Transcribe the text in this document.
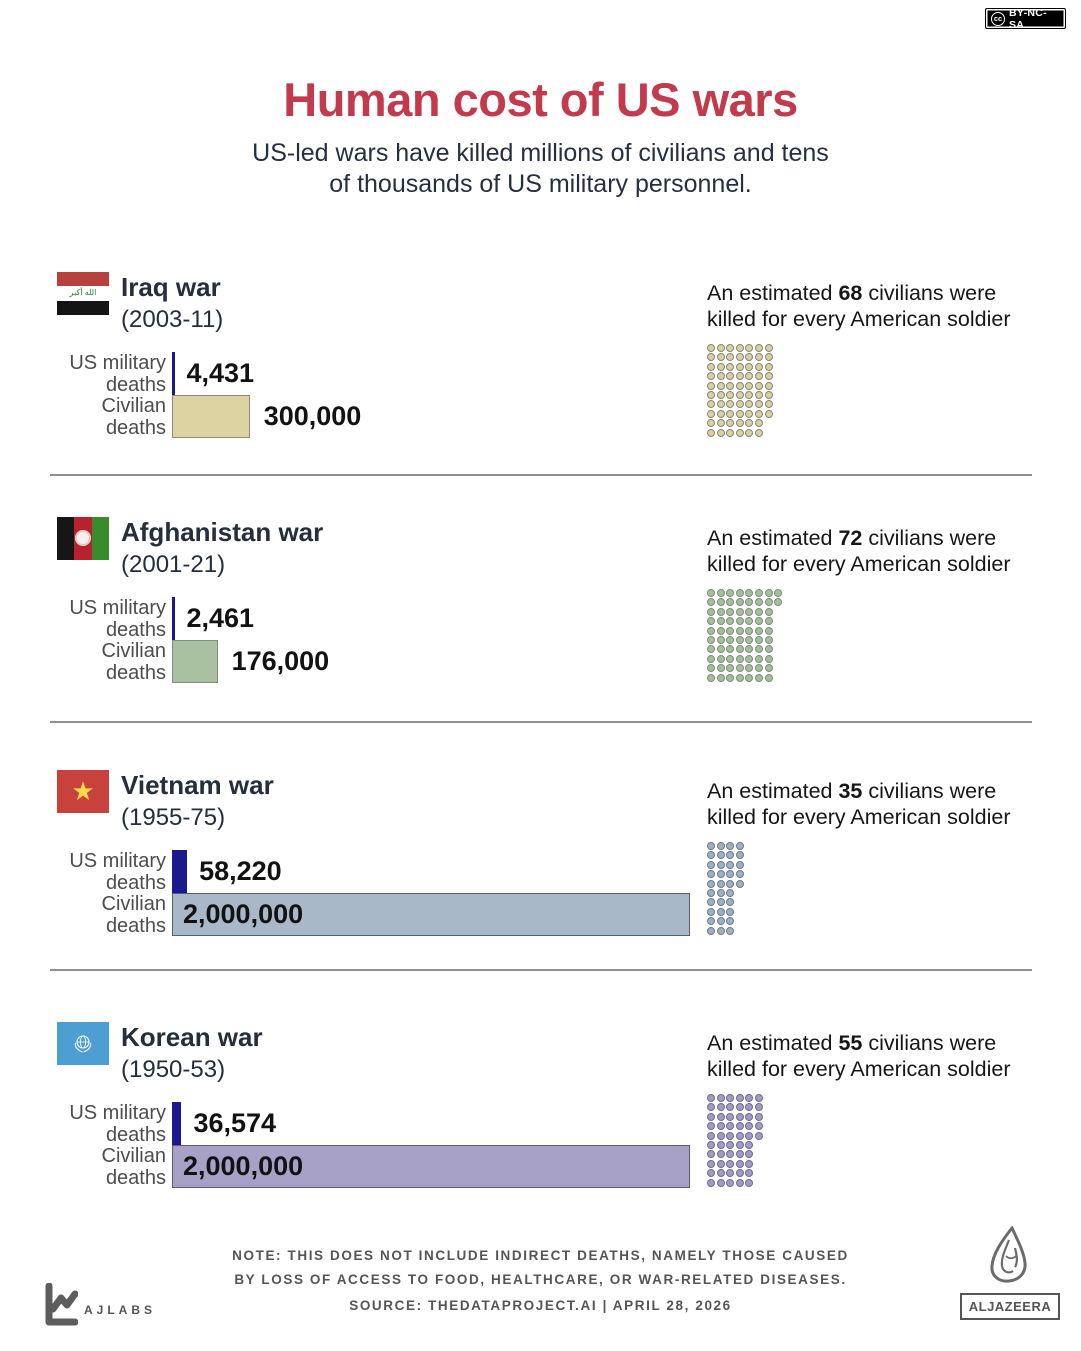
cc BY-NC-SA
Human cost of US wars
US-led wars have killed millions of civilians and tens
of thousands of US military personnel.
الله أكبر Iraq war
(2003-11)
US military
deaths
Civilian
deaths
4,431
300,000

An estimated 68 civilians were killed for every American soldier

Afghanistan war
(2001-21)
US military
deaths
Civilian
deaths
2,461
176,000

An estimated 72 civilians were killed for every American soldier

★	Vietnam war
(1955-75)
US military
deaths
Civilian
deaths
58,220
2,000,000

An estimated 35 civilians were killed for every American soldier

Korean war
(1950-53)
US military
deaths
Civilian
deaths
36,574
2,000,000

An estimated 55 civilians were killed for every American soldier

NOTE: THIS DOES NOT INCLUDE INDIRECT DEATHS, NAMELY THOSE CAUSED
BY LOSS OF ACCESS TO FOOD, HEALTHCARE, OR WAR-RELATED DISEASES.
SOURCE: THEDATAPROJECT.AI | APRIL 28, 2026
AJLABS	ALJAZEERA
